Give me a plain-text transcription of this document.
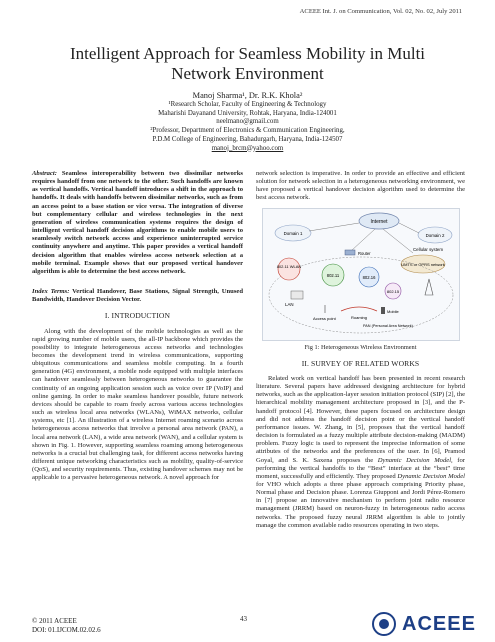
ACEEE Int. J. on Communication, Vol. 02, No. 02, July 2011
Intelligent Approach for Seamless Mobility in Multi Network Environment
Manoj Sharma¹, Dr. R.K. Khola²
¹Research Scholar, Faculty of Engineering & Technology
Maharishi Dayanand University, Rohtak, Haryana, India-124001
neelmano@gmail.com
²Professor, Department of Electronics & Communication Engineering,
P.D.M College of Engineering, Bahadurgarh, Haryana, India-124507
manoj_brcm@yahoo.com
Abstract: Seamless interoperability between two dissimilar networks requires handoff from one network to the other. Such handoffs are known as vertical handoffs. Vertical handoff introduces a shift in the approach to handoffs. It deals with handoffs between dissimilar networks, such as from an access point to a base station or vice versa. The integration of diverse but complementary cellular and wireless technologies in the next generation of wireless communication systems requires the design of intelligent vertical handoff decision algorithms to enable mobile users to seamlessly switch network access and experience uninterrupted service continuity anywhere and anytime. This paper provides a vertical handoff decision algorithm that enables wireless access network selection at a mobile terminal. Example shows that our proposed vertical handover algorithm is able to determine the best access network.
Index Terms: Vertical Handover, Base Stations, Signal Strength, Unused Bandwidth, Handover Decision Vector.
I. INTRODUCTION

Along with the development of the mobile technologies as well as the rapid growing number of mobile users, the all-IP backbone which provides the possibility to integrate heterogeneous access networks and technologies becomes the development trend in wireless communications, supporting ubiquitous communications and seamless mobile computing. In a fourth generation (4G) environment, a mobile node equipped with multiple interfaces can handover seamlessly between heterogeneous networks to guarantee the continuity of an ongoing application session such as voice over IP (VoIP) and online gaming. In order to make seamless handover possible, future network devices should be capable to roam freely across various access technologies such as wireless local area networks (WLANs), WiMAX networks, cellular systems, etc [1]. An illustration of a wireless Internet roaming scenario across heterogeneous access networks that involve a personal area network (PAN), a local area network (LAN), a wide area network (WAN), and a cellular system is shown in Fig. 1. However, supporting seamless roaming among heterogeneous networks is a crucial but challenging task, for different access networks having different unique networking characteristics such as mobility, quality-of-service (QoS), and security requirements. Thus, existing handover schemes may not be applicable to a pervasive heterogeneous network. A novel approach for

network selection is imperative. In order to provide an effective and efficient solution for network selection in a heterogeneous networking environment, we have proposed a vertical handover decision algorithm used to determine the best access network.

Internet
Domain 1	Domain 2
Router
Cellular system
UMTS or GPRS network
802.11 WLAN
802.11	802.16
802.15
LAN
Access point	Roaming
Mobile
PAN (Personal Area Network)
Fig 1: Heterogeneous Wireless Environment
II. SURVEY OF RELATED WORKS

Related work on vertical handoff has been presented in recent research literature. Several papers have addressed designing architecture for hybrid networks, such as the application-layer session initiation protocol (SIP) [2], the hierarchical mobility management architecture proposed in [3], and the P-handoff protocol [4]. However, these papers focused on architecture design and did not address the handoff decision point or the vertical handoff performance issues. W. Zhang, in [5], proposes that the vertical handoff decision is formulated as a fuzzy multiple attribute decision-making (MADM) problem. Fuzzy logic is used to represent the imprecise information of some attributes of the networks and the preferences of the user. In [6], Pramod Goyal, and S. K. Saxena proposes the Dynamic Decision Model, for performing the vertical handoffs to the “Best” interface at the “best” time moment, successfully and efficiently. They proposed Dynamic Decision Model for VHO which adopts a three phase approach comprising Priority phase, Normal phase and Decision phase. Lorenza Giupponi and Jordi Pérez-Romero in [7] propose an innovative mechanism to perform joint radio resource management (JRRM) based on neuron-fuzzy in heterogeneous radio access networks. The proposed fuzzy neural JRRM algorithm is able to jointly manage the common available radio resources operating in two steps.

43
© 2011 ACEEE
DOI: 01.IJCOM.02.02.6	ACEEE
